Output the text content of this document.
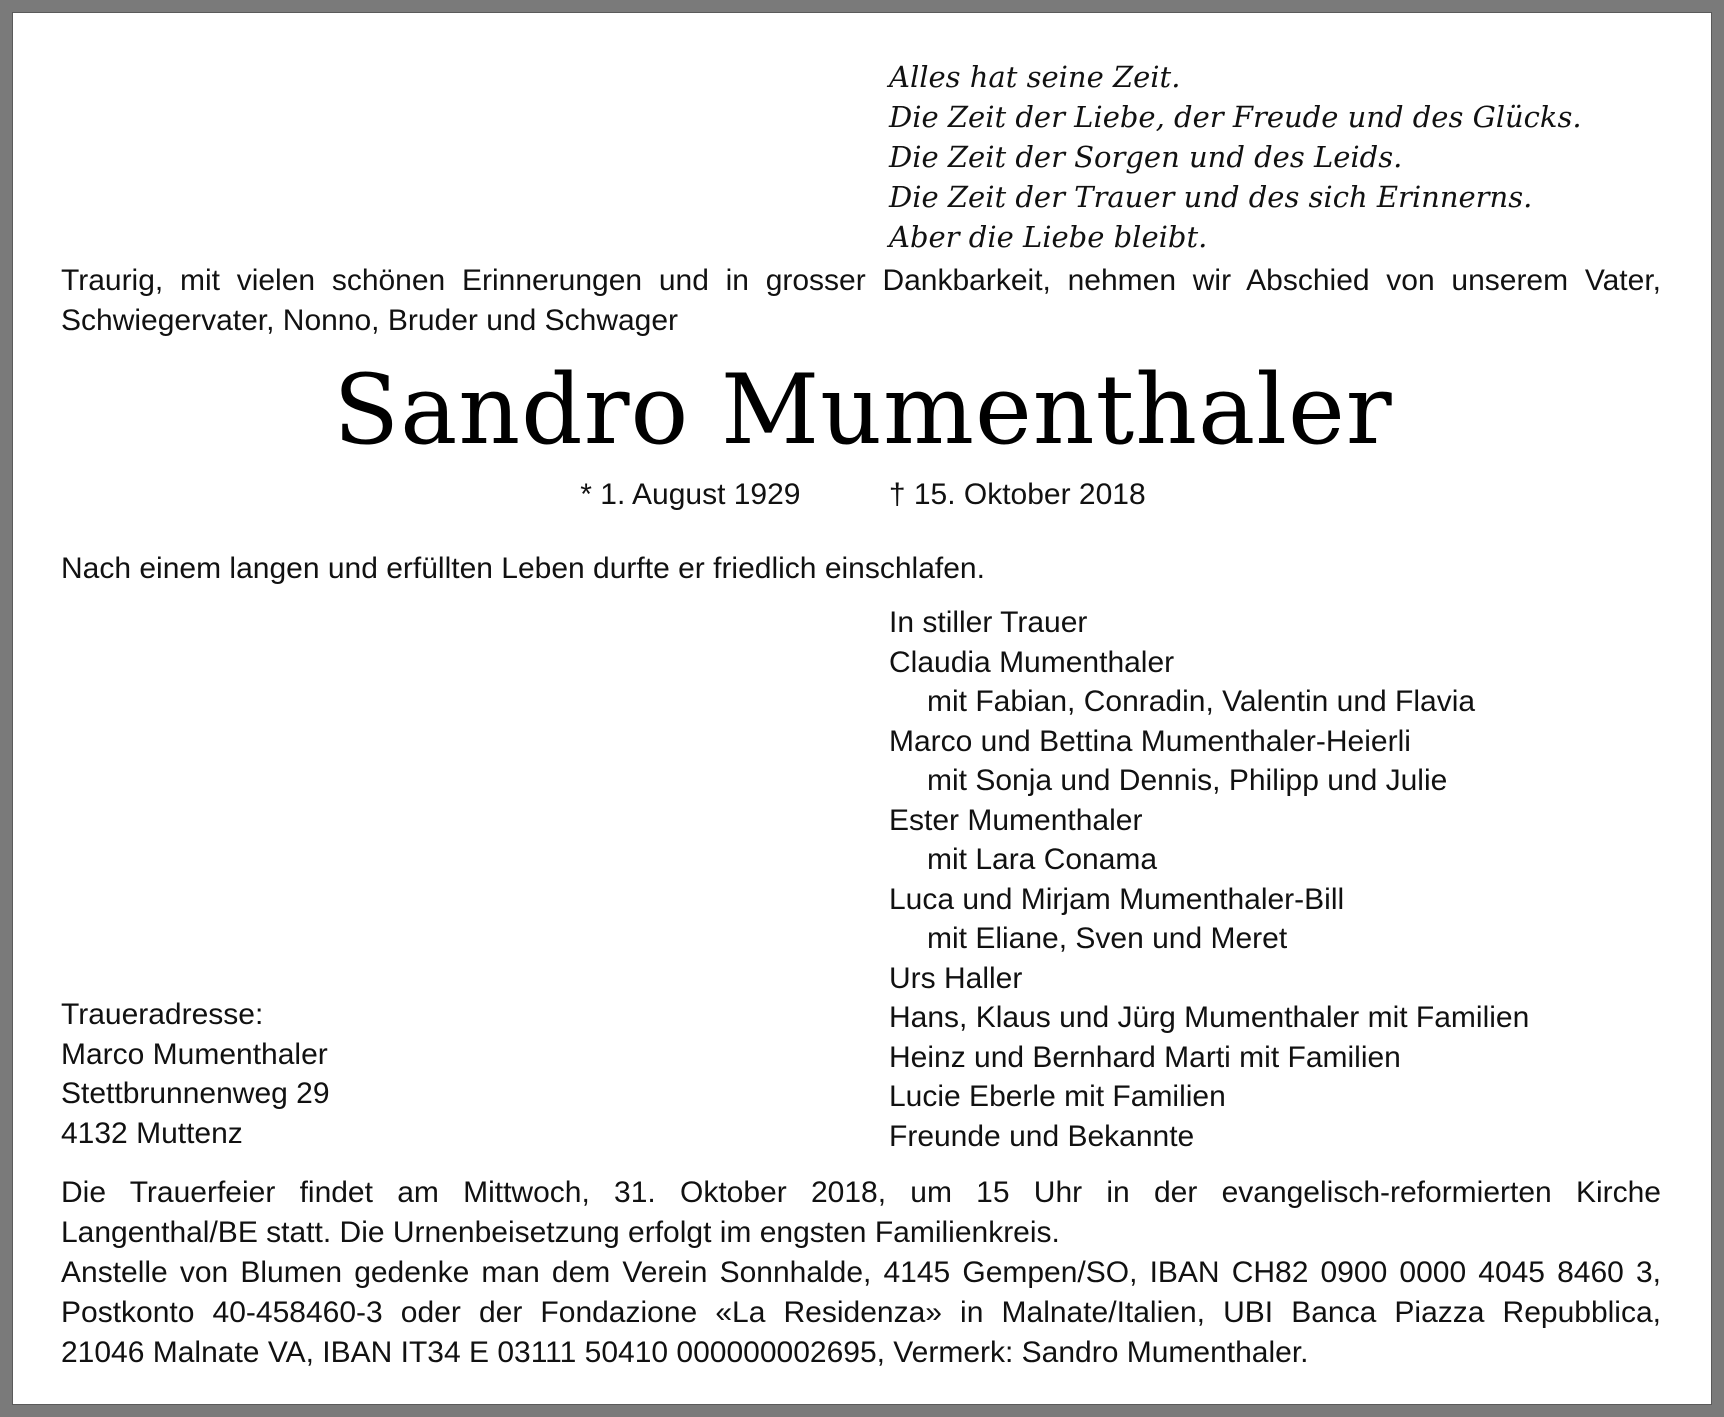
Alles hat seine Zeit.
Die Zeit der Liebe, der Freude und des Glücks.
Die Zeit der Sorgen und des Leids.
Die Zeit der Trauer und des sich Erinnerns.
Aber die Liebe bleibt.
Traurig, mit vielen schönen Erinnerungen und in grosser Dankbarkeit, nehmen wir Abschied von unserem Vater, Schwiegervater, Nonno, Bruder und Schwager
Sandro Mumenthaler
* 1. August 1929	† 15. Oktober 2018
Nach einem langen und erfüllten Leben durfte er friedlich einschlafen.
In stiller Trauer
Claudia Mumenthaler
mit Fabian, Conradin, Valentin und Flavia
Marco und Bettina Mumenthaler-Heierli
mit Sonja und Dennis, Philipp und Julie
Ester Mumenthaler
mit Lara Conama
Luca und Mirjam Mumenthaler-Bill
mit Eliane, Sven und Meret
Urs Haller
Hans, Klaus und Jürg Mumenthaler mit Familien
Heinz und Bernhard Marti mit Familien
Lucie Eberle mit Familien
Freunde und Bekannte
Traueradresse:
Marco Mumenthaler
Stettbrunnenweg 29
4132 Muttenz
Die Trauerfeier findet am Mittwoch, 31. Oktober 2018, um 15 Uhr in der evangelisch-reformierten Kirche
Langenthal/BE statt. Die Urnenbeisetzung erfolgt im engsten Familienkreis.
Anstelle von Blumen gedenke man dem Verein Sonnhalde, 4145 Gempen/SO, IBAN CH82 0900 0000 4045 8460 3,
Postkonto 40-458460-3 oder der Fondazione «La Residenza» in Malnate/Italien, UBI Banca Piazza Repubblica,
21046 Malnate VA, IBAN IT34 E 03111 50410 000000002695, Vermerk: Sandro Mumenthaler.
